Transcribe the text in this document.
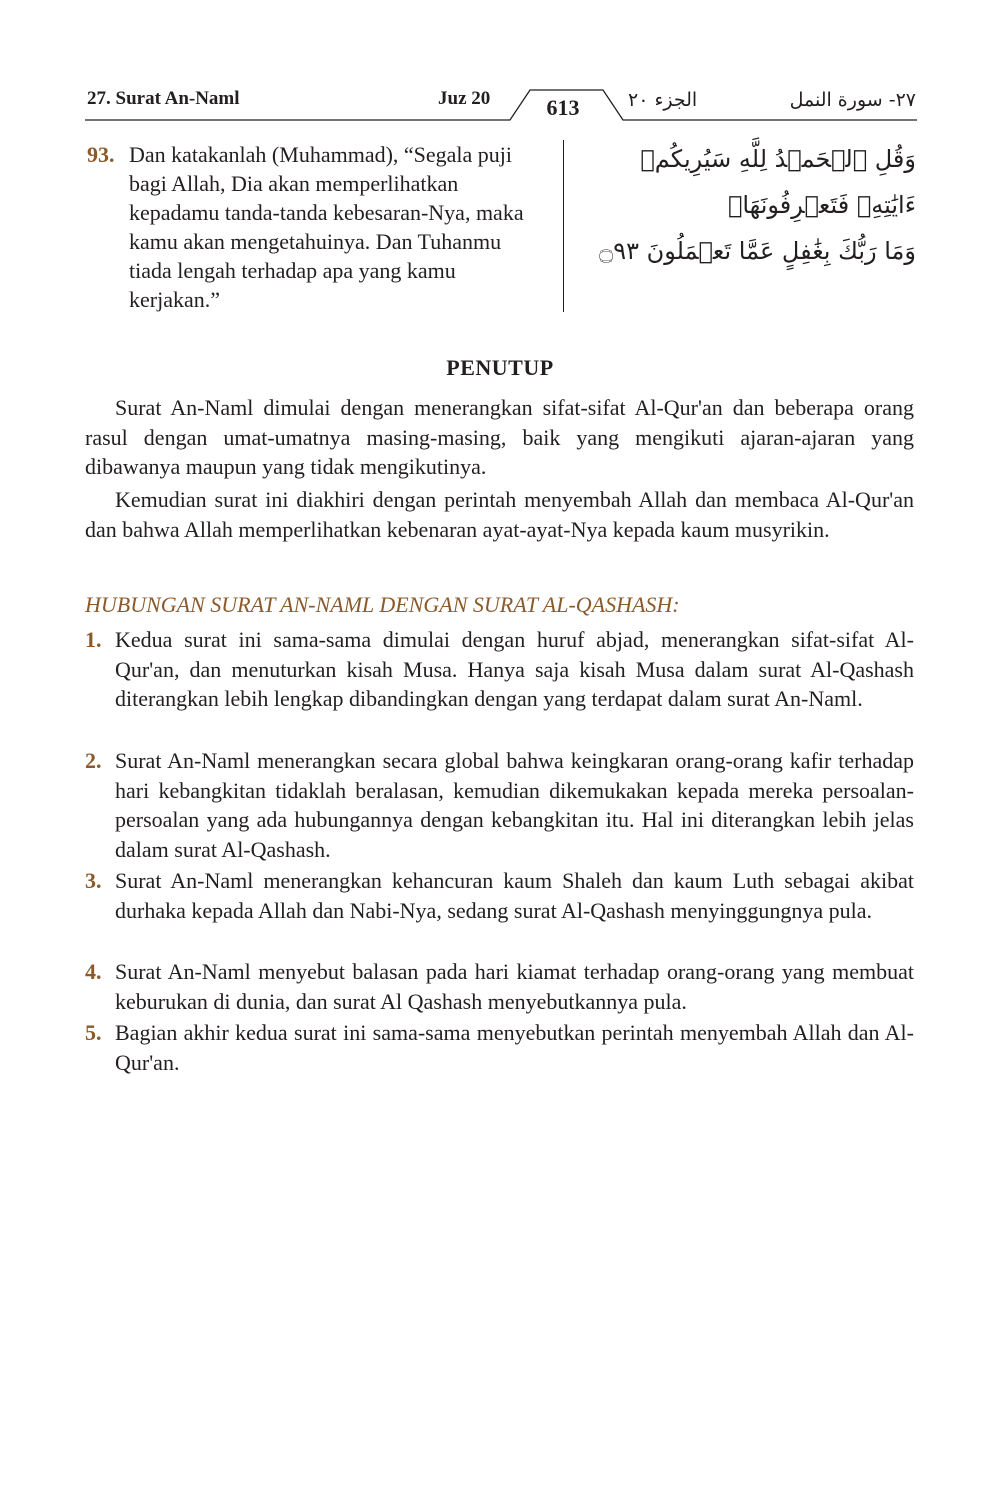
27. Surat An-Naml	Juz 20	613	الجزء ٢٠	٢٧- سورة النمل
93. Dan katakanlah (Muhammad), “Segala puji bagi Allah, Dia akan memperlihatkan kepadamu tanda-tanda kebesaran-Nya, maka kamu akan mengetahuinya. Dan Tuhanmu tiada lengah terhadap apa yang kamu kerjakan.”
وَقُلِ ٱلۡحَمۡدُ لِلَّهِ سَيُرِيكُمۡ ءَايَٰتِهِۦ فَتَعۡرِفُونَهَاۚ
وَمَا رَبُّكَ بِغَٰفِلٍ عَمَّا تَعۡمَلُونَ ۝٩٣
PENUTUP

Surat An-Naml dimulai dengan menerangkan sifat-sifat Al-Qur'an dan beberapa orang rasul dengan umat-umatnya masing-masing, baik yang mengikuti ajaran-ajaran yang dibawanya maupun yang tidak mengikutinya.

Kemudian surat ini diakhiri dengan perintah menyembah Allah dan membaca Al-Qur'an dan bahwa Allah memperlihatkan kebenaran ayat-ayat-Nya kepada kaum musyrikin.

HUBUNGAN SURAT AN-NAML DENGAN SURAT AL-QASHASH:
1. Kedua surat ini sama-sama dimulai dengan huruf abjad, menerangkan sifat-sifat Al-Qur'an, dan menuturkan kisah Musa. Hanya saja kisah Musa dalam surat Al-Qashash diterangkan lebih lengkap dibandingkan dengan yang terdapat dalam surat An-Naml.

2. Surat An-Naml menerangkan secara global bahwa keingkaran orang-orang kafir terhadap hari kebangkitan tidaklah beralasan, kemudian dikemukakan kepada mereka persoalan-persoalan yang ada hubungannya dengan kebangkitan itu. Hal ini diterangkan lebih jelas dalam surat Al-Qashash.

3. Surat An-Naml menerangkan kehancuran kaum Shaleh dan kaum Luth sebagai akibat durhaka kepada Allah dan Nabi-Nya, sedang surat Al-Qashash menyinggungnya pula.

4. Surat An-Naml menyebut balasan pada hari kiamat terhadap orang-orang yang membuat keburukan di dunia, dan surat Al Qashash menyebutkannya pula.

5. Bagian akhir kedua surat ini sama-sama menyebutkan perintah menyembah Allah dan Al-Qur'an.
